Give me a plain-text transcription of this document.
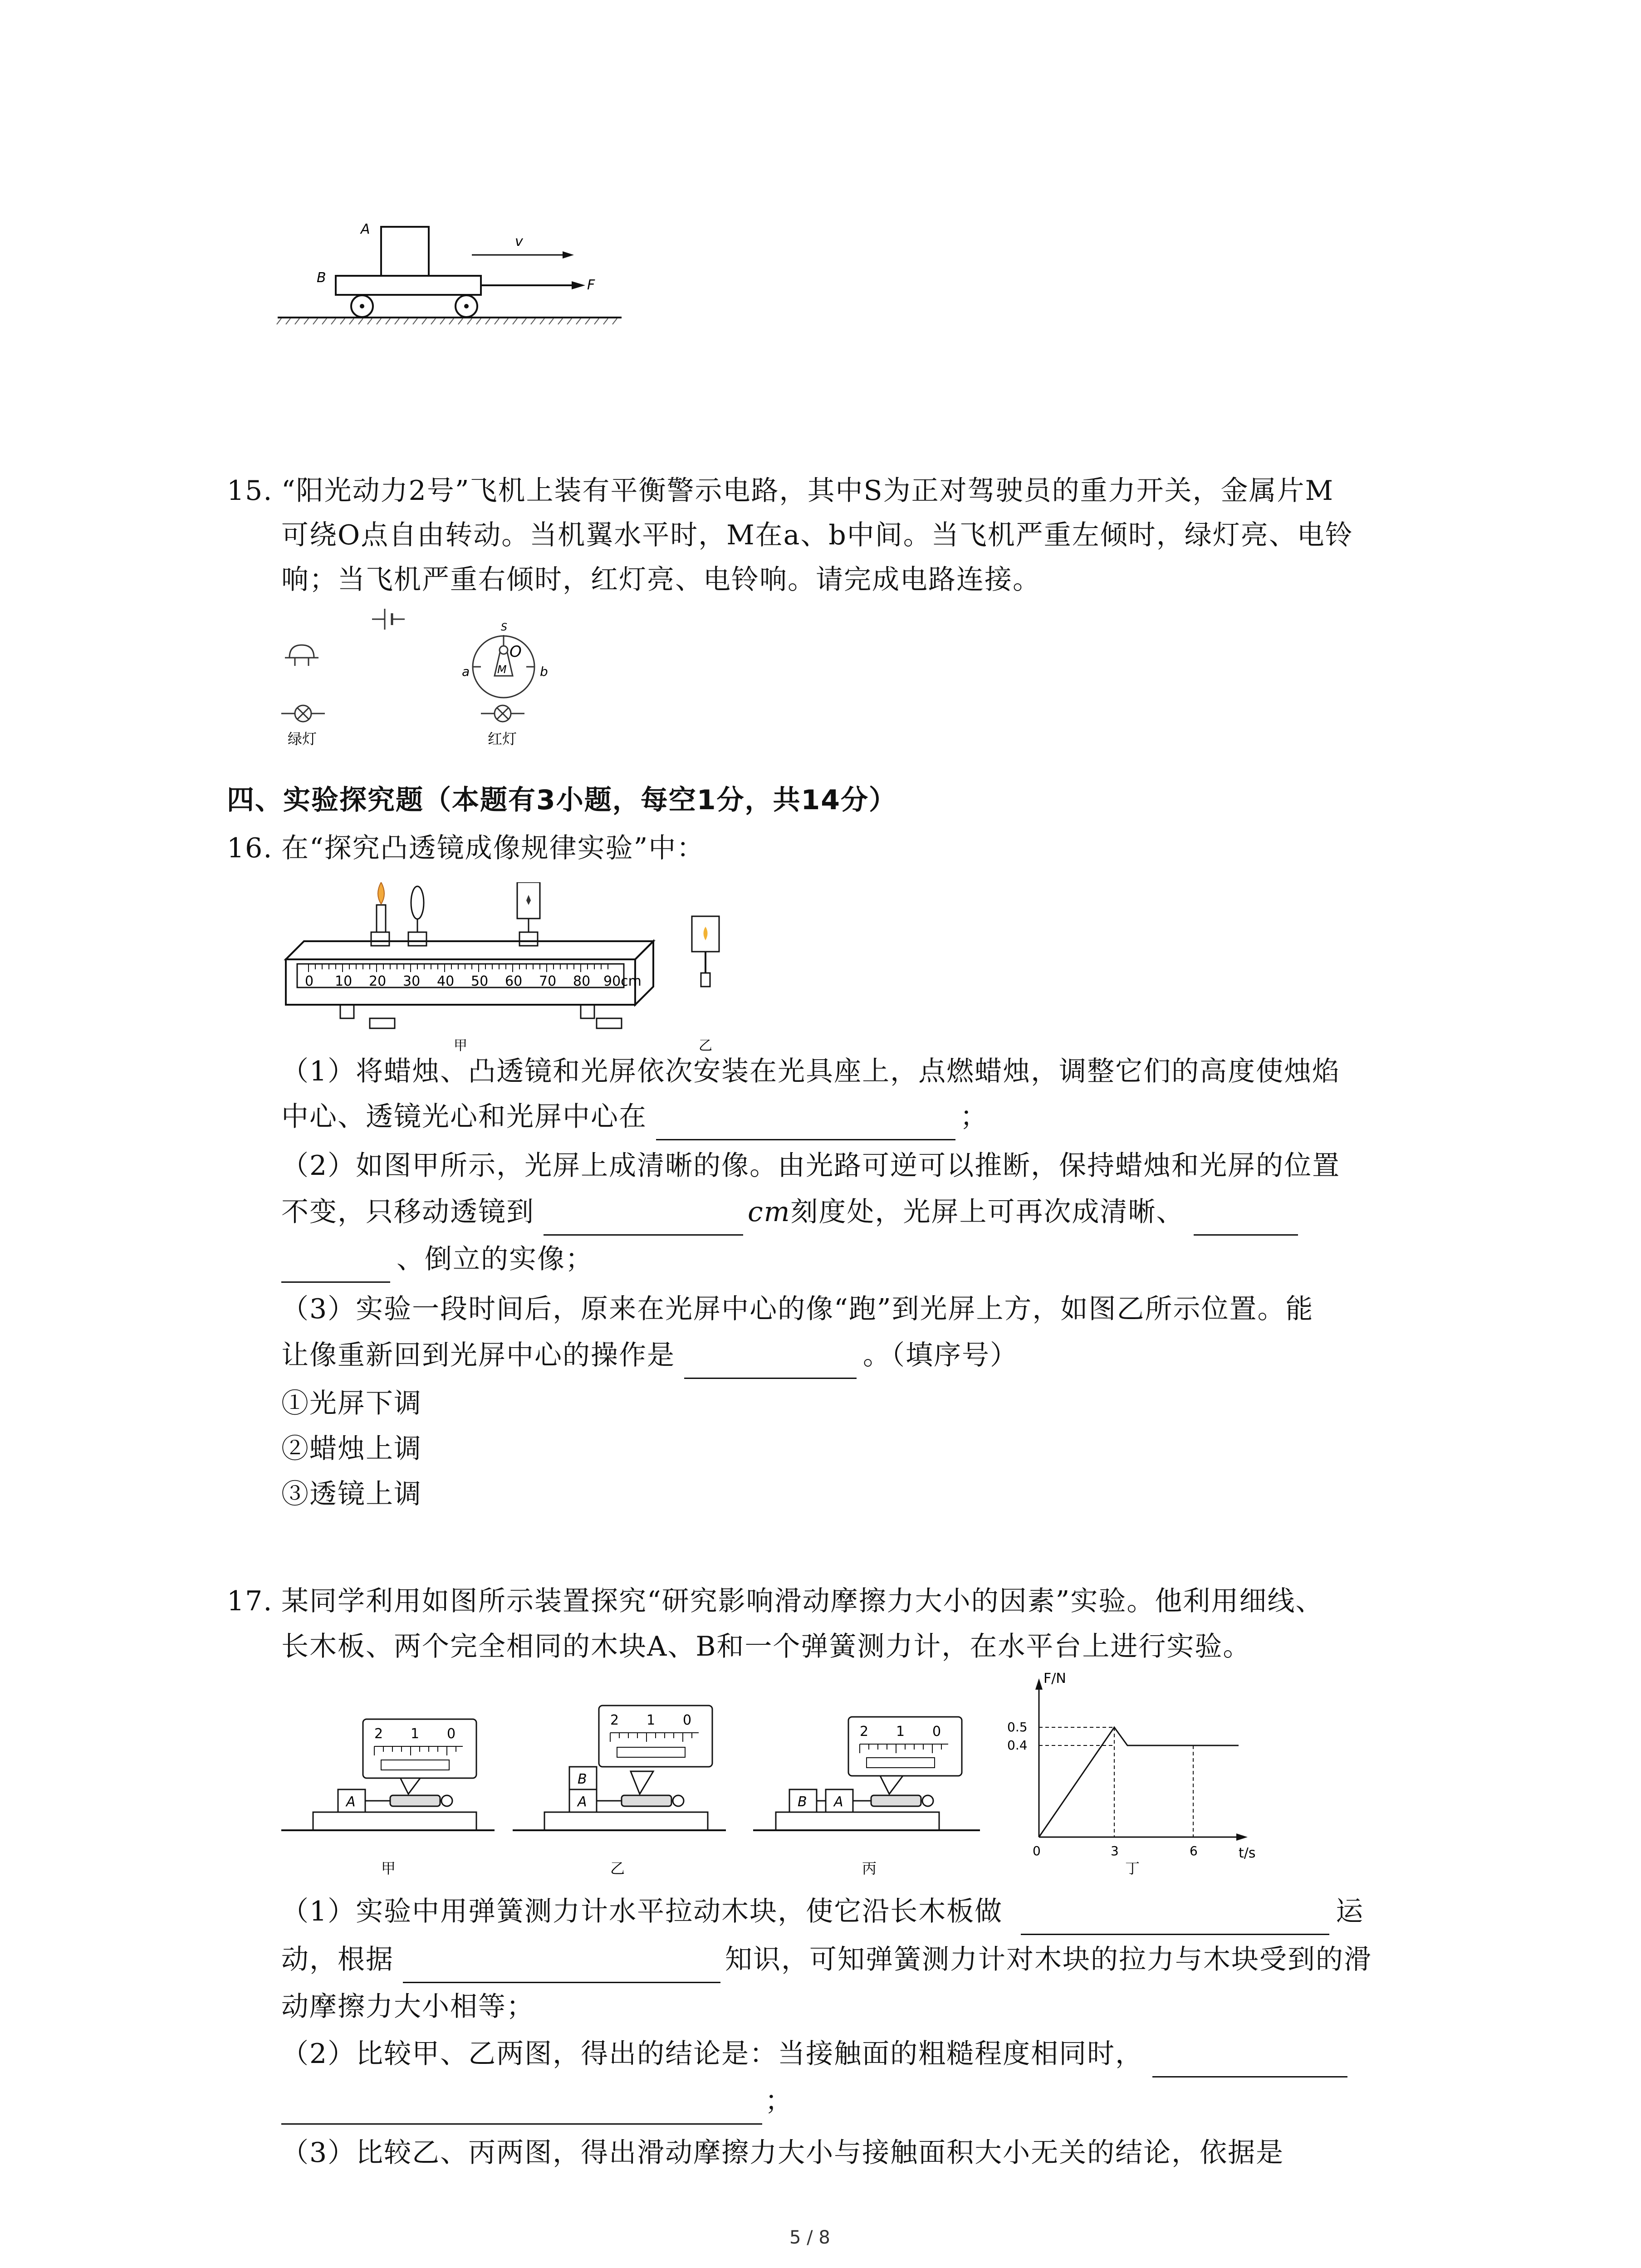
A
B
v
F
15. “阳光动力2号”飞机上装有平衡警示电路，其中S为正对驾驶员的重力开关，金属片M
可绕O点自由转动。当机翼水平时，M在a、b中间。当飞机严重左倾时，绿灯亮、电铃
响；当飞机严重右倾时，红灯亮、电铃响。请完成电路连接。
绿灯
S
O
M
a	b
红灯
四、实验探究题（本题有3小题，每空1分，共14分）
16. 在“探究凸透镜成像规律实验”中：
0 10 20 30 40 50 60 70 80 90cm
甲	乙
（1）将蜡烛、凸透镜和光屏依次安装在光具座上，点燃蜡烛，调整它们的高度使烛焰
中心、透镜光心和光屏中心在	；
（2）如图甲所示，光屏上成清晰的像。由光路可逆可以推断，保持蜡烛和光屏的位置
不变，只移动透镜到	cm刻度处，光屏上可再次成清晰、
、倒立的实像；
（3）实验一段时间后，原来在光屏中心的像“跑”到光屏上方，如图乙所示位置。能
让像重新回到光屏中心的操作是	。（填序号）
①光屏下调
②蜡烛上调
③透镜上调
17. 某同学利用如图所示装置探究“研究影响滑动摩擦力大小的因素”实验。他利用细线、
长木板、两个完全相同的木块A、B和一个弹簧测力计，在水平台上进行实验。
A
2 1 0
甲
A
B
2 1 0
乙
B A
2 1 0
丙
F/N
t/s
0.5
0.4
0	3	6
丁
（1）实验中用弹簧测力计水平拉动木块，使它沿长木板做	运
动，根据	知识，可知弹簧测力计对木块的拉力与木块受到的滑
动摩擦力大小相等；
（2）比较甲、乙两图，得出的结论是：当接触面的粗糙程度相同时，
；
（3）比较乙、丙两图，得出滑动摩擦力大小与接触面积大小无关的结论，依据是
5 / 8
